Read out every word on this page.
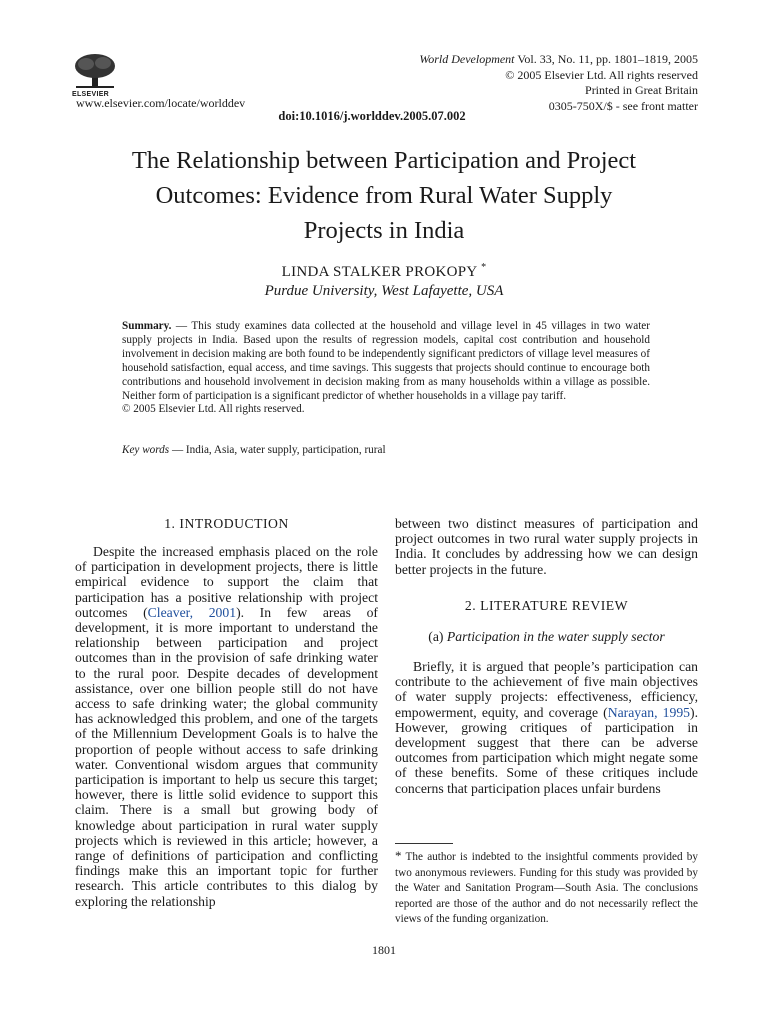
ELSEVIER
www.elsevier.com/locate/worlddev
World Development Vol. 33, No. 11, pp. 1801–1819, 2005
© 2005 Elsevier Ltd. All rights reserved
Printed in Great Britain
0305-750X/$ - see front matter
doi:10.1016/j.worlddev.2005.07.002
The Relationship between Participation and Project
Outcomes: Evidence from Rural Water Supply
Projects in India
LINDA STALKER PROKOPY *
Purdue University, West Lafayette, USA
Summary. — This study examines data collected at the household and village level in 45 villages in two water supply projects in India. Based upon the results of regression models, capital cost contribution and household involvement in decision making are both found to be independently significant predictors of village level measures of household satisfaction, equal access, and time savings. This suggests that projects should continue to encourage both contributions and household involvement in decision making from as many households within a village as possible. Neither form of participation is a significant predictor of whether households in a village pay tariff.
© 2005 Elsevier Ltd. All rights reserved.
Key words — India, Asia, water supply, participation, rural
1. INTRODUCTION

Despite the increased emphasis placed on the role of participation in development projects, there is little empirical evidence to support the claim that participation has a positive relationship with project outcomes (Cleaver, 2001). In few areas of development, it is more important to understand the relationship between participation and project outcomes than in the provision of safe drinking water to the rural poor. Despite decades of development assistance, over one billion people still do not have access to safe drinking water; the global community has acknowledged this problem, and one of the targets of the Millennium Development Goals is to halve the proportion of people without access to safe drinking water. Conventional wisdom argues that community participation is important to help us secure this target; however, there is little solid evidence to support this claim. There is a small but growing body of knowledge about participation in rural water supply projects which is reviewed in this article; however, a range of definitions of participation and conflicting findings make this an important topic for further research. This article contributes to this dialog by exploring the relationship

between two distinct measures of participation and project outcomes in two rural water supply projects in India. It concludes by addressing how we can design better projects in the future.

2. LITERATURE REVIEW
(a) Participation in the water supply sector

Briefly, it is argued that people’s participation can contribute to the achievement of five main objectives of water supply projects: effectiveness, efficiency, empowerment, equity, and coverage (Narayan, 1995). However, growing critiques of participation in development suggest that there can be adverse outcomes from participation which might negate some of these benefits. Some of these critiques include concerns that participation places unfair burdens

* The author is indebted to the insightful comments provided by two anonymous reviewers. Funding for this study was provided by the Water and Sanitation Program—South Asia. The conclusions reported are those of the author and do not necessarily reflect the views of the funding organization.
1801
